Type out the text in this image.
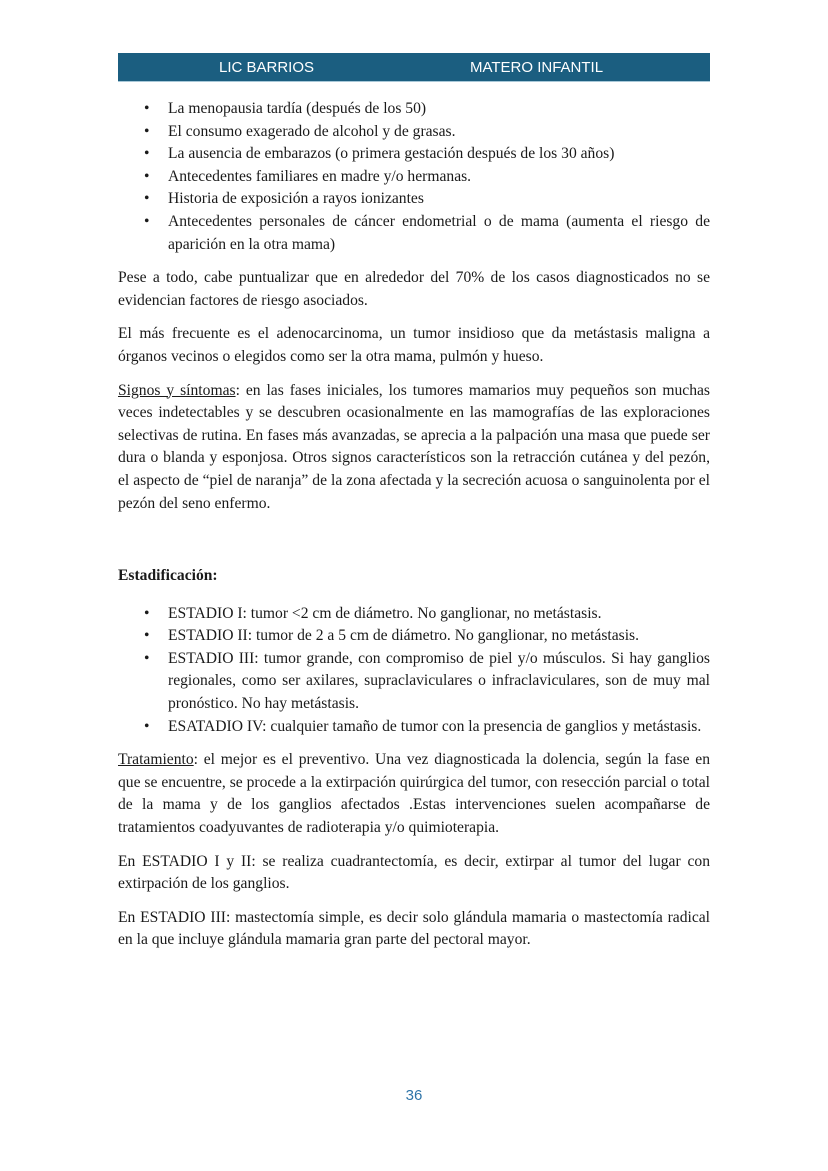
LIC BARRIOS	MATERO INFANTIL
• La menopausia tardía (después de los 50)
• El consumo exagerado de alcohol y de grasas.
• La ausencia de embarazos (o primera gestación después de los 30 años)
• Antecedentes familiares en madre y/o hermanas.
• Historia de exposición a rayos ionizantes
• Antecedentes personales de cáncer endometrial o de mama (aumenta el riesgo de aparición en la otra mama)

Pese a todo, cabe puntualizar que en alrededor del 70% de los casos diagnosticados no se evidencian factores de riesgo asociados.

El más frecuente es el adenocarcinoma, un tumor insidioso que da metástasis maligna a órganos vecinos o elegidos como ser la otra mama, pulmón y hueso.

Signos y síntomas: en las fases iniciales, los tumores mamarios muy pequeños son muchas veces indetectables y se descubren ocasionalmente en las mamografías de las exploraciones selectivas de rutina. En fases más avanzadas, se aprecia a la palpación una masa que puede ser dura o blanda y esponjosa. Otros signos característicos son la retracción cutánea y del pezón, el aspecto de “piel de naranja” de la zona afectada y la secreción acuosa o sanguinolenta por el pezón del seno enfermo.

Estadificación:

• ESTADIO I: tumor <2 cm de diámetro. No ganglionar, no metástasis.
• ESTADIO II: tumor de 2 a 5 cm de diámetro. No ganglionar, no metástasis.
• ESTADIO III: tumor grande, con compromiso de piel y/o músculos. Si hay ganglios regionales, como ser axilares, supraclaviculares o infraclaviculares, son de muy mal pronóstico. No hay metástasis.
• ESATADIO IV: cualquier tamaño de tumor con la presencia de ganglios y metástasis.

Tratamiento: el mejor es el preventivo. Una vez diagnosticada la dolencia, según la fase en que se encuentre, se procede a la extirpación quirúrgica del tumor, con resección parcial o total de la mama y de los ganglios afectados .Estas intervenciones suelen acompañarse de tratamientos coadyuvantes de radioterapia y/o quimioterapia.

En ESTADIO I y II: se realiza cuadrantectomía, es decir, extirpar al tumor del lugar con extirpación de los ganglios.

En ESTADIO III: mastectomía simple, es decir solo glándula mamaria o mastectomía radical en la que incluye glándula mamaria gran parte del pectoral mayor.

36
